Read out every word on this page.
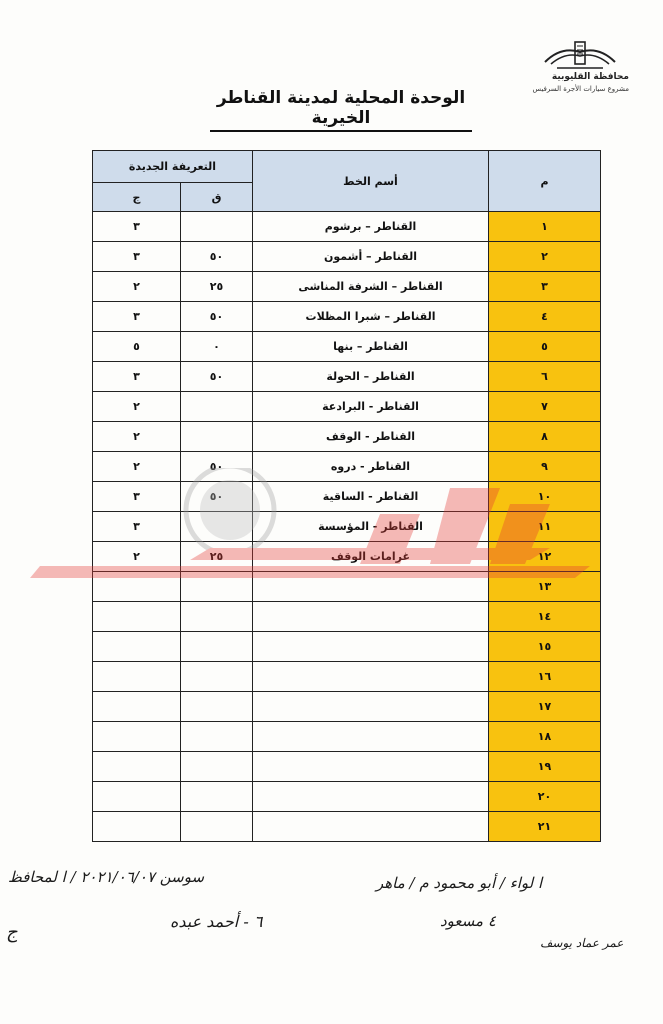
محافظة القليوبية
مشروع سيارات الأجرة السرفيس
الوحدة المحلية لمدينة القناطر الخيرية
م	أسم الخط	التعريفة الجديدة	
		ق	ج
١	القناطر – برشوم		٣
٢	القناطر – أشمون	٥٠	٣
٣	القناطر – الشرفة المناشى	٢٥	٢
٤	القناطر – شبرا المظلات	٥٠	٣
٥	القناطر – بنها	٠	٥
٦	القناطر – الحولة	٥٠	٣
٧	القناطر - البرادعة		٢
٨	القناطر - الوقف		٢
٩	القناطر - دروه	٥٠	٢
١٠	القناطر - الساقية	٥٠	٣
١١	القناطر - المؤسسة		٣
١٢	غرامات الوقف	٢٥	٢
١٣			
١٤			
١٥			
١٦			
١٧			
١٨			
١٩			
٢٠			
٢١			
سوسن ٢٠٢١/٠٦/٠٧ / ا لمحافظ	ا لواء / أبو محمود م / ماهر
٦ - أحمد عبده	٤ مسعود
عمر عماد يوسف
ج
